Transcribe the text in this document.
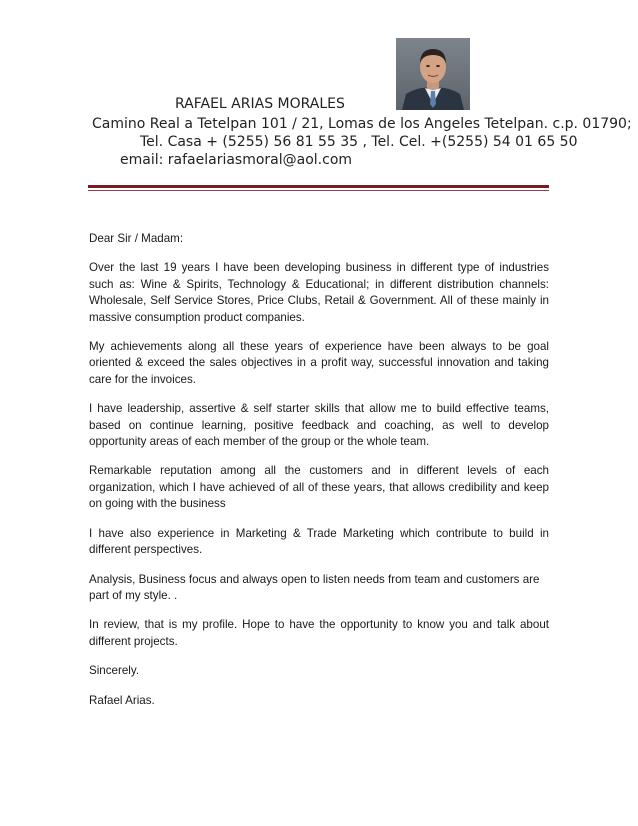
RAFAEL ARIAS MORALES
Camino Real a Tetelpan 101 / 21, Lomas de los Angeles Tetelpan. c.p. 01790;
Tel. Casa + (5255) 56 81 55 35 , Tel. Cel. +(5255) 54 01 65 50
email: rafaelariasmoral@aol.com

Dear Sir / Madam:

Over the last 19 years I have been developing business in different type of industries such as: Wine & Spirits, Technology & Educational; in different distribution channels: Wholesale, Self Service Stores, Price Clubs, Retail & Government. All of these mainly in massive consumption product companies.

My achievements along all these years of experience have been always to be goal oriented & exceed the sales objectives in a profit way, successful innovation and taking care for the invoices.

I have leadership, assertive & self starter skills that allow me to build effective teams, based on continue learning, positive feedback and coaching, as well to develop opportunity areas of each member of the group or the whole team.

Remarkable reputation among all the customers and in different levels of each organization, which I have achieved of all of these years, that allows credibility and keep on going with the business

I have also experience in Marketing & Trade Marketing which contribute to build in different perspectives.

Analysis, Business focus and always open to listen needs from team and customers are part of my style. .

In review, that is my profile. Hope to have the opportunity to know you and talk about different projects.

Sincerely.

Rafael Arias.
